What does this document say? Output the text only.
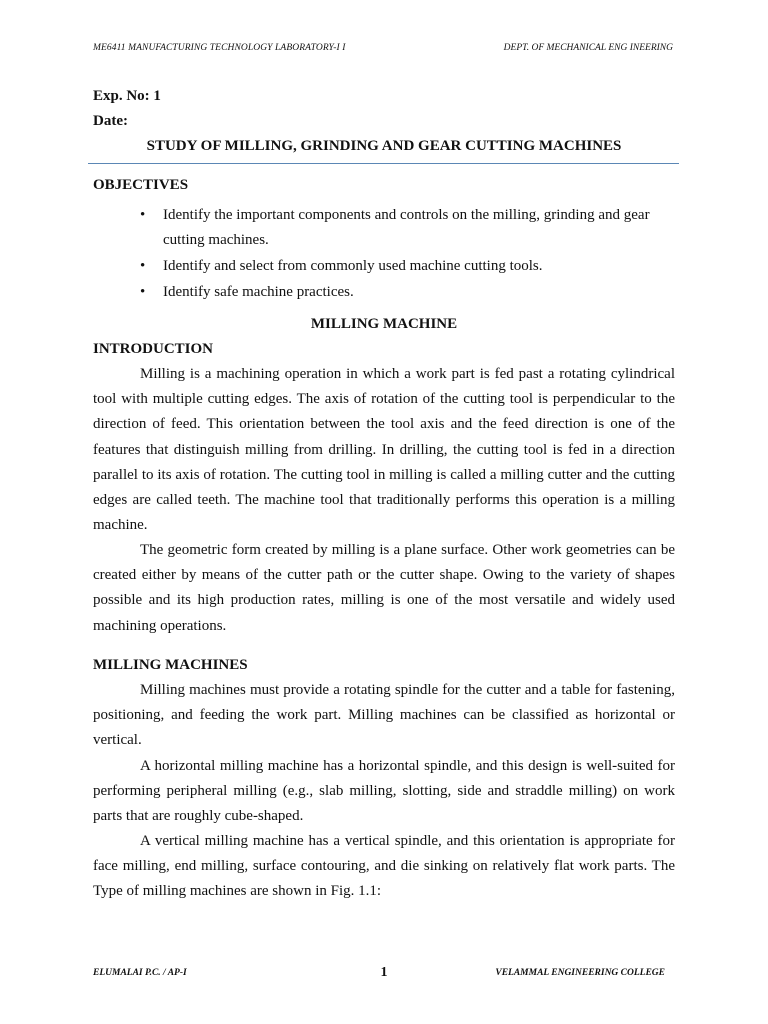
ME6411 MANUFACTURING TECHNOLOGY LABORATORY-I I	DEPT. OF MECHANICAL ENG INEERING
Exp. No: 1
Date:
STUDY OF MILLING, GRINDING AND GEAR CUTTING MACHINES
OBJECTIVES
• Identify the important components and controls on the milling, grinding and gear cutting machines.
• Identify and select from commonly used machine cutting tools.
• Identify safe machine practices.
MILLING MACHINE
INTRODUCTION

Milling is a machining operation in which a work part is fed past a rotating cylindrical tool with multiple cutting edges. The axis of rotation of the cutting tool is perpendicular to the direction of feed. This orientation between the tool axis and the feed direction is one of the features that distinguish milling from drilling. In drilling, the cutting tool is fed in a direction parallel to its axis of rotation. The cutting tool in milling is called a milling cutter and the cutting edges are called teeth. The machine tool that traditionally performs this operation is a milling machine.

The geometric form created by milling is a plane surface. Other work geometries can be created either by means of the cutter path or the cutter shape. Owing to the variety of shapes possible and its high production rates, milling is one of the most versatile and widely used machining operations.

MILLING MACHINES

Milling machines must provide a rotating spindle for the cutter and a table for fastening, positioning, and feeding the work part. Milling machines can be classified as horizontal or vertical.

A horizontal milling machine has a horizontal spindle, and this design is well-suited for performing peripheral milling (e.g., slab milling, slotting, side and straddle milling) on work parts that are roughly cube-shaped.

A vertical milling machine has a vertical spindle, and this orientation is appropriate for face milling, end milling, surface contouring, and die sinking on relatively flat work parts. The Type of milling machines are shown in Fig. 1.1:

ELUMALAI P.C. / AP-I	1	VELAMMAL ENGINEERING COLLEGE
